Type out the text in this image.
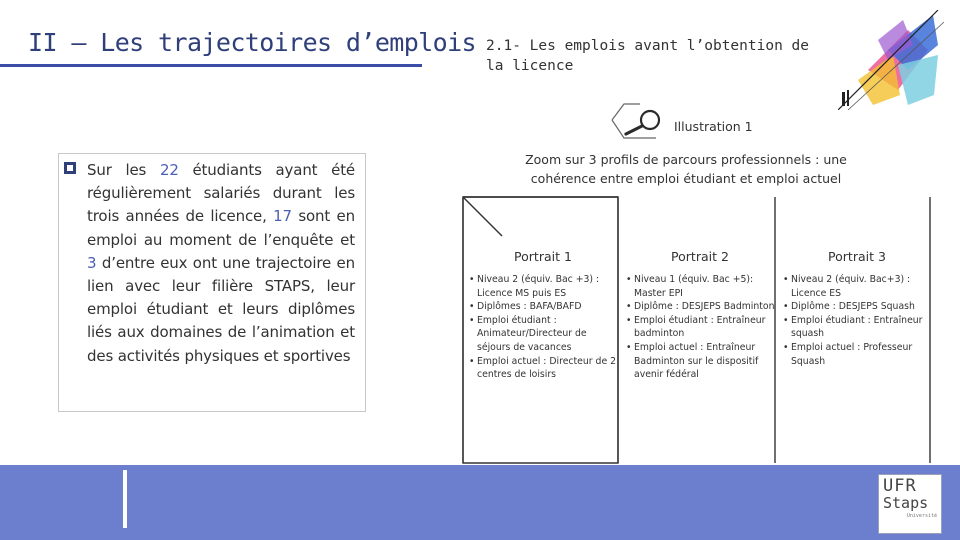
II – Les trajectoires d’emplois 2.1- Les emplois avant l’obtention de la licence
Illustration 1
Zoom sur 3 profils de parcours professionnels : une cohérence entre emploi étudiant et emploi actuel

Sur les 22 étudiants ayant été régulièrement salariés durant les trois années de licence, 17 sont en emploi au moment de l’enquête et 3 d’entre eux ont une trajectoire en lien avec leur filière STAPS, leur emploi étudiant et leurs diplômes liés aux domaines de l’animation et des activités physiques et sportives

Portrait 1
• Niveau 2 (équiv. Bac +3) : Licence MS puis ES
• Diplômes : BAFA/BAFD
• Emploi étudiant : Animateur/Directeur de séjours de vacances
• Emploi actuel : Directeur de 2 centres de loisirs
Portrait 2
• Niveau 1 (équiv. Bac +5): Master EPI
• Diplôme : DESJEPS Badminton
• Emploi étudiant : Entraîneur badminton
• Emploi actuel : Entraîneur Badminton sur le dispositif avenir fédéral
Portrait 3
• Niveau 2 (équiv. Bac+3) : Licence ES
• Diplôme : DESJEPS Squash
• Emploi étudiant : Entraîneur squash
• Emploi actuel : Professeur Squash
UFR
Staps
Université
